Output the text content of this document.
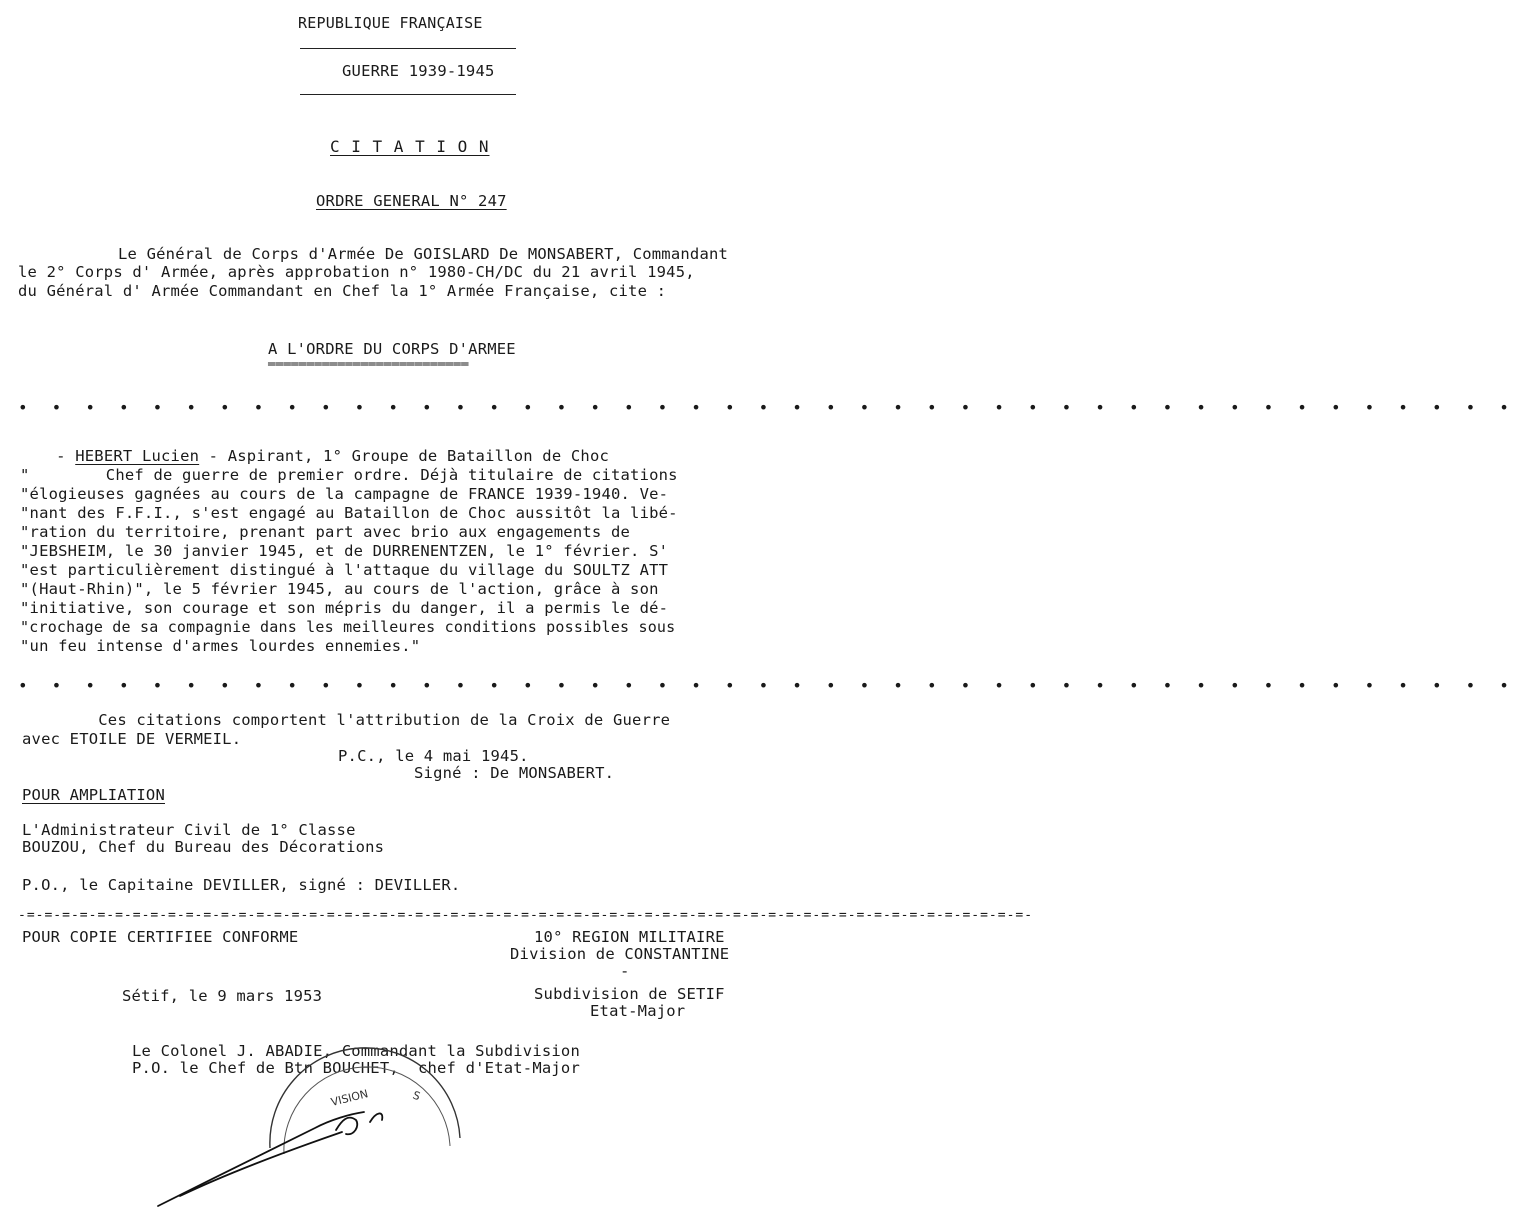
REPUBLIQUE FRANÇAISE
GUERRE 1939-1945
C I T A T I O N
ORDRE GENERAL N° 247
Le Général de Corps d'Armée De GOISLARD De MONSABERT, Commandant
le 2° Corps d' Armée, après approbation n° 1980-CH/DC du 21 avril 1945,
du Général d' Armée Commandant en Chef la 1° Armée Française, cite :
A L'ORDRE DU CORPS D'ARMEE
══════════════════════════
• • • • • • • • • • • • • • • • • • • • • • • • • • • • • • • • • • • • • • • • • • • • •

- HEBERT Lucien - Aspirant, 1° Groupe de Bataillon de Choc

"        Chef de guerre de premier ordre. Déjà titulaire de citations
"élogieuses gagnées au cours de la campagne de FRANCE 1939-1940. Ve-
"nant des F.F.I., s'est engagé au Bataillon de Choc aussitôt la libé-
"ration du territoire, prenant part avec brio aux engagements de
"JEBSHEIM, le 30 janvier 1945, et de DURRENENTZEN, le 1° février. S'
"est particulièrement distingué à l'attaque du village du SOULTZ ATT
"(Haut-Rhin)", le 5 février 1945, au cours de l'action, grâce à son
"initiative, son courage et son mépris du danger, il a permis le dé-
"crochage de sa compagnie dans les meilleures conditions possibles sous
"un feu intense d'armes lourdes ennemies."
• • • • • • • • • • • • • • • • • • • • • • • • • • • • • • • • • • • • • • • • • • • • •
Ces citations comportent l'attribution de la Croix de Guerre
avec ETOILE DE VERMEIL.
P.C., le 4 mai 1945.
Signé : De MONSABERT.
POUR AMPLIATION
L'Administrateur Civil de 1° Classe
BOUZOU, Chef du Bureau des Décorations
P.O., le Capitaine DEVILLER, signé : DEVILLER.
-=-=-=-=-=-=-=-=-=-=-=-=-=-=-=-=-=-=-=-=-=-=-=-=-=-=-=-=-=-=-=-=-=-=-=-=-=-=-=-=-=-=-=-=-=-=-=-=-=-=-=-=-=-=-=-=-=-
POUR COPIE CERTIFIEE CONFORME	10° REGION MILITAIRE
Division de CONSTANTINE
-
Subdivision de SETIF
Etat-Major
Sétif, le 9 mars 1953
Le Colonel J. ABADIE, Commandant la Subdivision
P.O. le Chef de Btn BOUCHET,  chef d'Etat-Major
VISION	S
